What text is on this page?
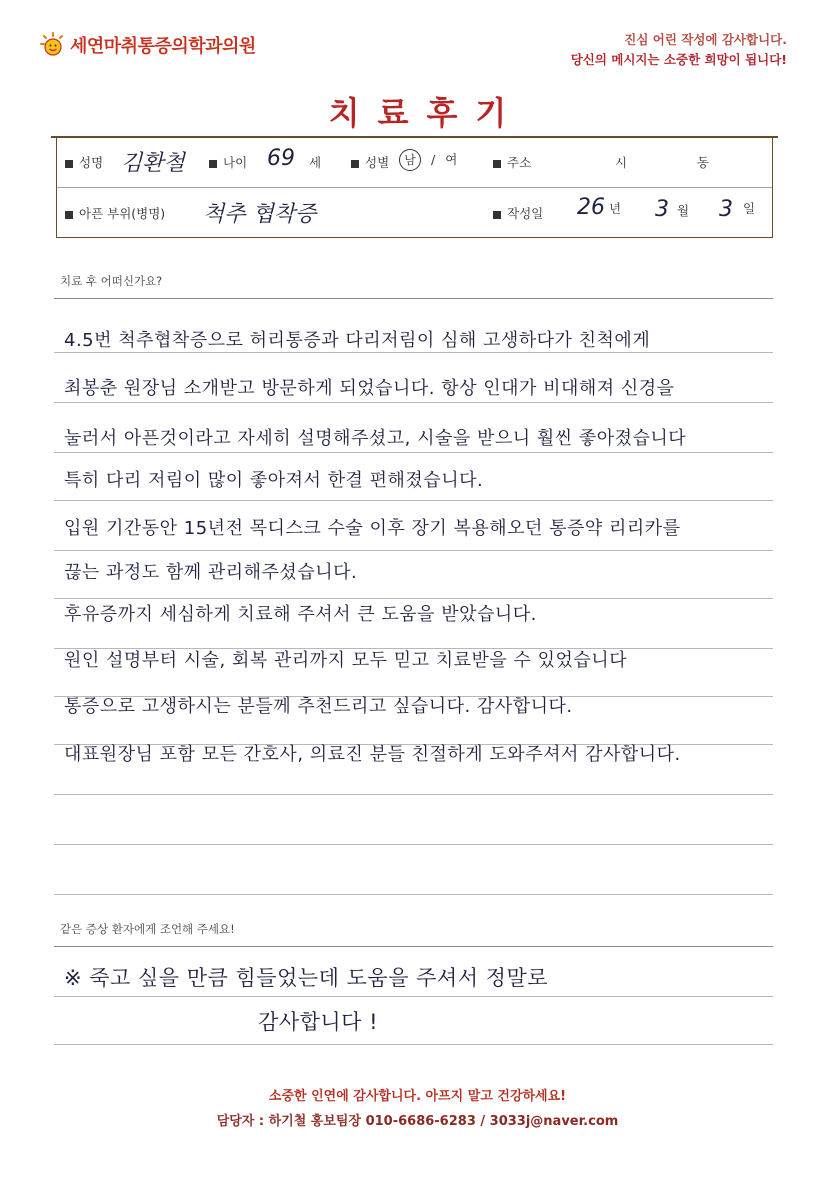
세연마취통증의학과의원	진심 어린 작성에 감사합니다.
당신의 메시지는 소중한 희망이 됩니다!
치료후기
성명 김환철	나이 69 세	성별	남 / 여	주소	시	동
아픈 부위(병명) 척추 협착증	작성일 26 년 3 월 3 일
치료 후 어떠신가요?
4.5번 척추협착증으로 허리통증과 다리저림이 심해 고생하다가 친척에게
최봉춘 원장님 소개받고 방문하게 되었습니다. 항상 인대가 비대해져 신경을
눌러서 아픈것이라고 자세히 설명해주셨고, 시술을 받으니 훨씬 좋아졌습니다
특히 다리 저림이 많이 좋아져서 한결 편해졌습니다.
입원 기간동안 15년전 목디스크 수술 이후 장기 복용해오던 통증약 리리카를
끊는 과정도 함께 관리해주셨습니다.
후유증까지 세심하게 치료해 주셔서 큰 도움을 받았습니다.
원인 설명부터 시술, 회복 관리까지 모두 믿고 치료받을 수 있었습니다
통증으로 고생하시는 분들께 추천드리고 싶습니다. 감사합니다.
대표원장님 포함 모든 간호사, 의료진 분들 친절하게 도와주셔서 감사합니다.
같은 증상 환자에게 조언해 주세요!
※ 죽고 싶을 만큼 힘들었는데 도움을 주셔서 정말로
감사합니다 !
소중한 인연에 감사합니다. 아프지 말고 건강하세요!
담당자 : 하기철 홍보팀장 010-6686-6283 / 3033j@naver.com
